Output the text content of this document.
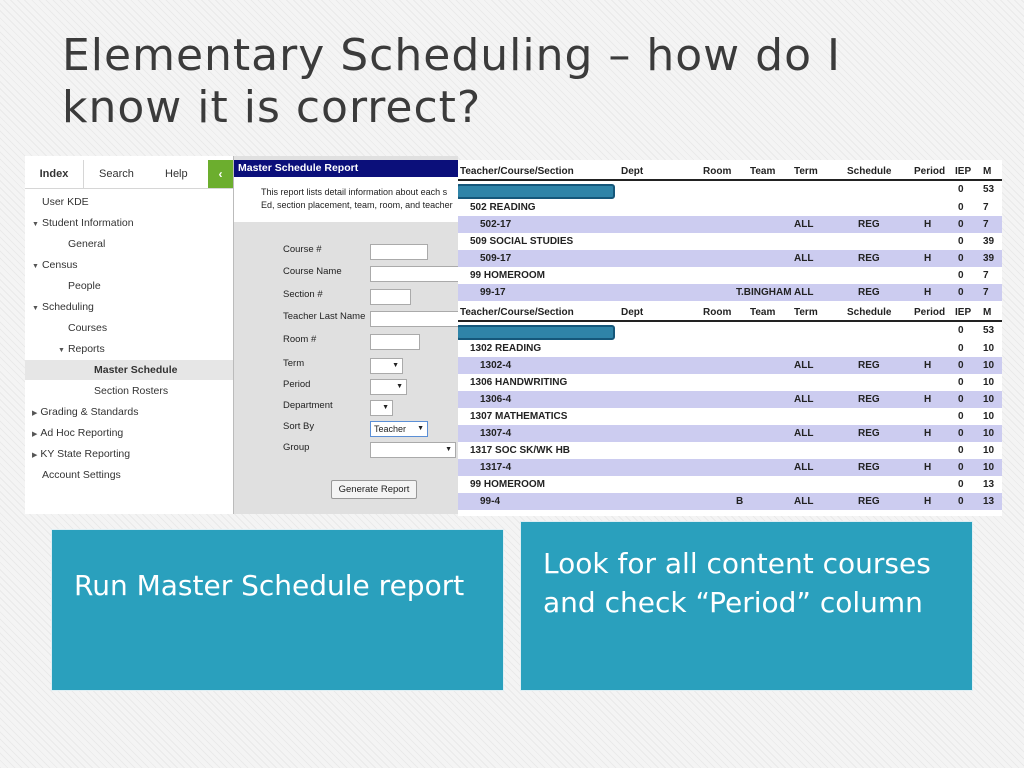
Elementary Scheduling – how do I know it is correct?
Index	Search	Help	‹
User KDE
▼ Student Information
General
▼ Census
People
▼ Scheduling
Courses
▼ Reports
Master Schedule
Section Rosters
▶ Grading & Standards
▶ Ad Hoc Reporting
▶ KY State Reporting
Account Settings
Master Schedule Report
This report lists detail information about each s
Ed, section placement, team, room, and teacher
Course #
Course Name
Section #
Teacher Last Name
Room #
Term
▼
Period
▼
Department
▼
Sort By	Teacher ▼
Group
▼
Generate Report
Teacher/Course/Section	Dept	Room Team Term	Schedule Period IEP M
0 53
502 READING	0 7
502-17	ALL	REG	H	0 7
509 SOCIAL STUDIES	0 39
509-17	ALL	REG	H	0 39
99 HOMEROOM	0 7
99-17	T.BINGHAM ALL	REG	H	0 7
Teacher/Course/Section	Dept	Room Team Term	Schedule Period IEP M
0 53
1302 READING	0 10
1302-4	ALL	REG	H	0 10
1306 HANDWRITING	0 10
1306-4	ALL	REG	H	0 10
1307 MATHEMATICS	0 10
1307-4	ALL	REG	H	0 10
1317 SOC SK/WK HB	0 10
1317-4	ALL	REG	H	0 10
99 HOMEROOM	0 13
99-4	B	ALL	REG	H	0 13
Run Master Schedule report
Look for all content courses and check “Period” column
